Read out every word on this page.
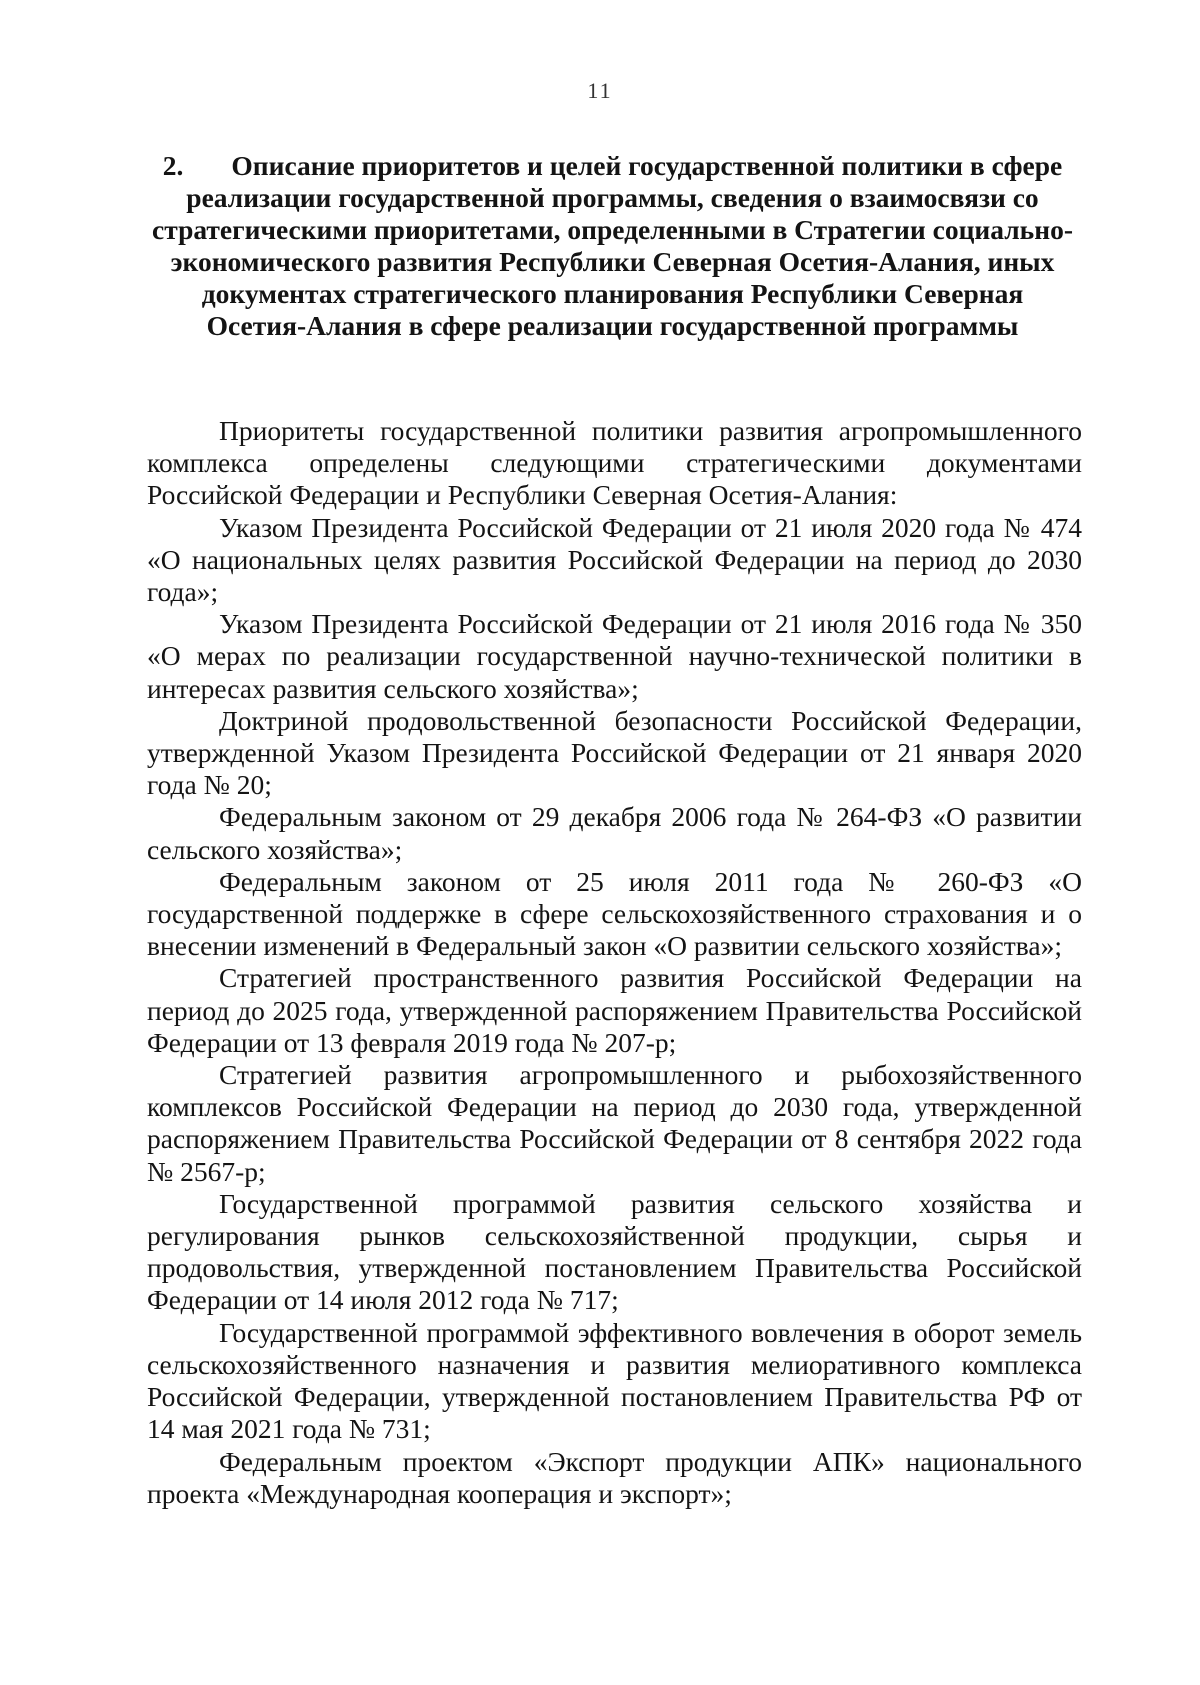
11
2. Описание приоритетов и целей государственной политики в сфере реализации государственной программы, сведения о взаимосвязи со стратегическими приоритетами, определенными в Стратегии социально-экономического развития Республики Северная Осетия-Алания, иных документах стратегического планирования Республики Северная Осетия-Алания в сфере реализации государственной программы

Приоритеты государственной политики развития агропромышленного комплекса определены следующими стратегическими документами Российской Федерации и Республики Северная Осетия-Алания:

Указом Президента Российской Федерации от 21 июля 2020 года № 474 «О национальных целях развития Российской Федерации на период до 2030 года»;

Указом Президента Российской Федерации от 21 июля 2016 года № 350 «О мерах по реализации государственной научно-технической политики в интересах развития сельского хозяйства»;

Доктриной продовольственной безопасности Российской Федерации, утвержденной Указом Президента Российской Федерации от 21 января 2020 года № 20;

Федеральным законом от 29 декабря 2006 года № 264-ФЗ «О развитии сельского хозяйства»;

Федеральным законом от 25 июля 2011 года № 260-ФЗ «О государственной поддержке в сфере сельскохозяйственного страхования и о внесении изменений в Федеральный закон «О развитии сельского хозяйства»;

Стратегией пространственного развития Российской Федерации на период до 2025 года, утвержденной распоряжением Правительства Российской Федерации от 13 февраля 2019 года № 207-р;

Стратегией развития агропромышленного и рыбохозяйственного комплексов Российской Федерации на период до 2030 года, утвержденной распоряжением Правительства Российской Федерации от 8 сентября 2022 года № 2567-р;

Государственной программой развития сельского хозяйства и регулирования рынков сельскохозяйственной продукции, сырья и продовольствия, утвержденной постановлением Правительства Российской Федерации от 14 июля 2012 года № 717;

Государственной программой эффективного вовлечения в оборот земель сельскохозяйственного назначения и развития мелиоративного комплекса Российской Федерации, утвержденной постановлением Правительства РФ от 14 мая 2021 года № 731;

Федеральным проектом «Экспорт продукции АПК» национального проекта «Международная кооперация и экспорт»;
